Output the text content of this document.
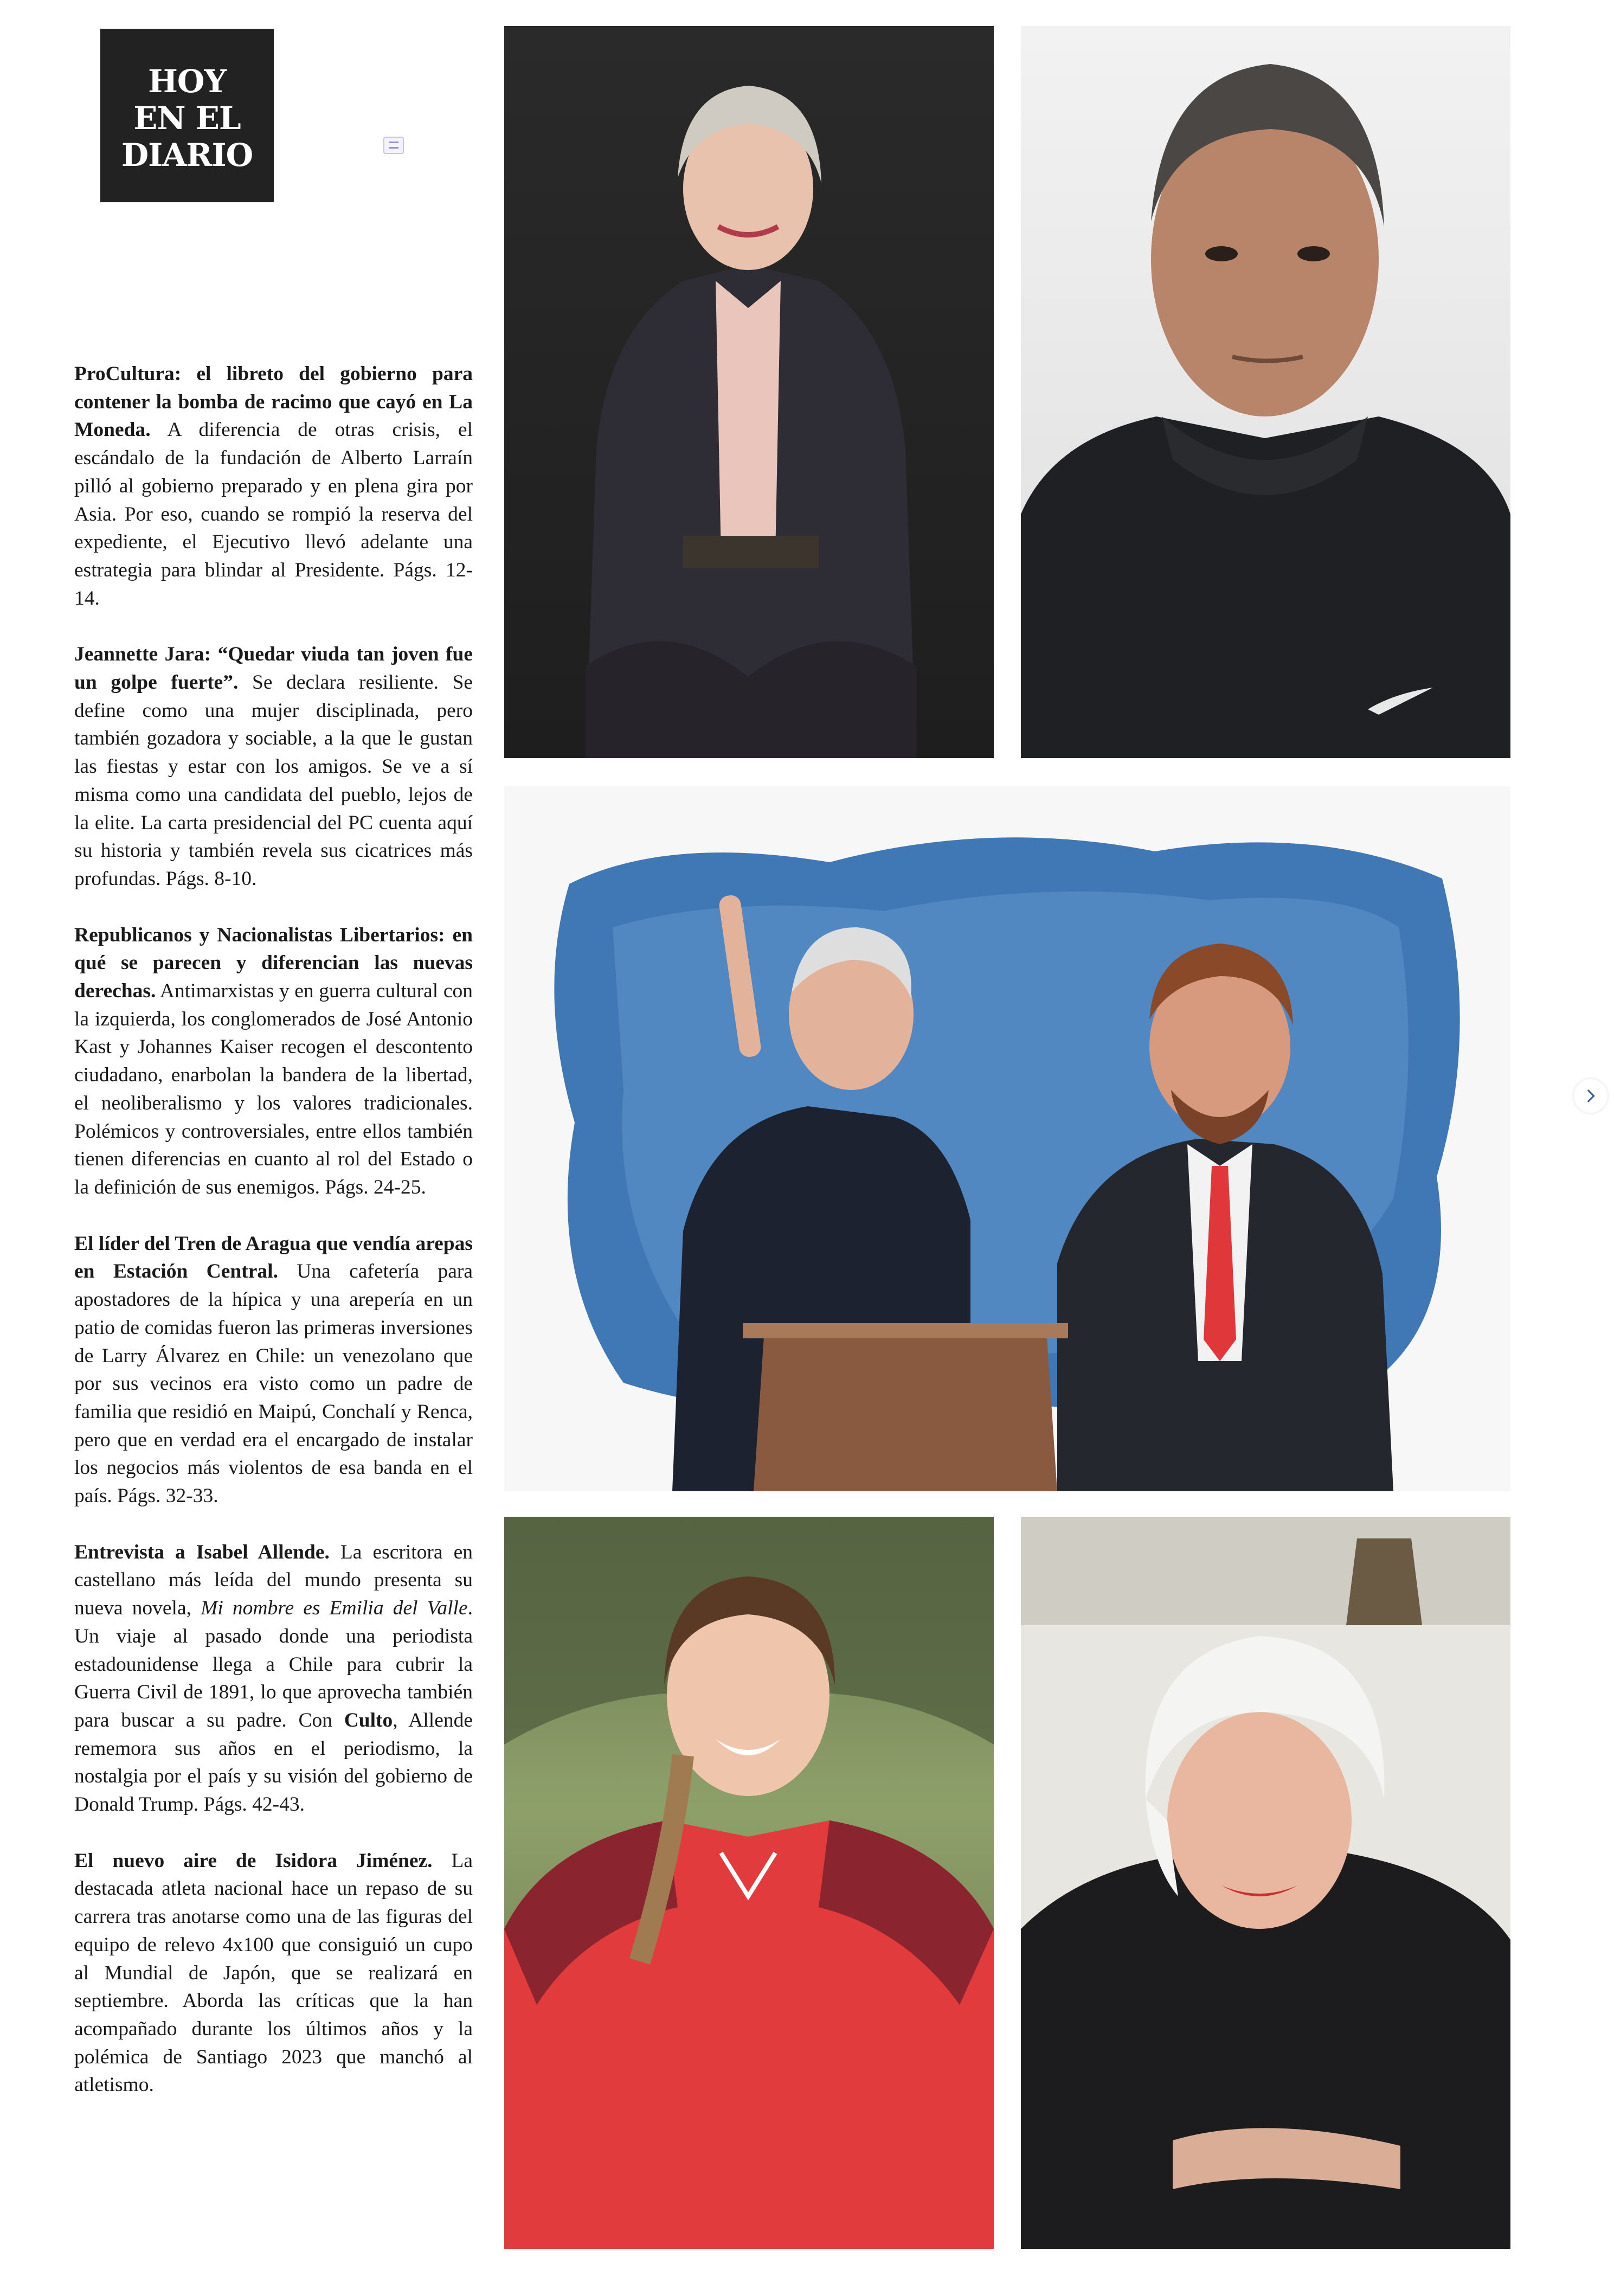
HOY
EN EL
DIARIO

ProCultura: el libreto del gobierno para contener la bomba de racimo que cayó en La Moneda. A diferencia de otras crisis, el escándalo de la fundación de Alberto Larraín pilló al gobierno preparado y en plena gira por Asia. Por eso, cuando se rompió la reserva del expediente, el Ejecutivo llevó adelante una estrategia para blindar al Presidente. Págs. 12-14.

Jeannette Jara: “Quedar viuda tan joven fue un golpe fuerte”. Se declara resiliente. Se define como una mujer disciplinada, pero también gozadora y sociable, a la que le gustan las fiestas y estar con los amigos. Se ve a sí misma como una candidata del pueblo, lejos de la elite. La carta presidencial del PC cuenta aquí su historia y también revela sus cicatrices más profundas. Págs. 8-10.

Republicanos y Nacionalistas Libertarios: en qué se parecen y diferencian las nuevas derechas. Antimarxistas y en guerra cultural con la izquierda, los conglomerados de José Antonio Kast y Johannes Kaiser recogen el descontento ciudadano, enarbolan la bandera de la libertad, el neoliberalismo y los valores tradicionales. Polémicos y controversiales, entre ellos también tienen diferencias en cuanto al rol del Estado o la definición de sus enemigos. Págs. 24-25.

El líder del Tren de Aragua que vendía arepas en Estación Central. Una cafetería para apostadores de la hípica y una arepería en un patio de comidas fueron las primeras inversiones de Larry Álvarez en Chile: un venezolano que por sus vecinos era visto como un padre de familia que residió en Maipú, Conchalí y Renca, pero que en verdad era el encargado de instalar los negocios más violentos de esa banda en el país. Págs. 32-33.

Entrevista a Isabel Allende. La escritora en castellano más leída del mundo presenta su nueva novela, Mi nombre es Emilia del Valle. Un viaje al pasado donde una periodista estadounidense llega a Chile para cubrir la Guerra Civil de 1891, lo que aprovecha también para buscar a su padre. Con Culto, Allende rememora sus años en el periodismo, la nostalgia por el país y su visión del gobierno de Donald Trump. Págs. 42-43.

El nuevo aire de Isidora Jiménez. La destacada atleta nacional hace un repaso de su carrera tras anotarse como una de las figuras del equipo de relevo 4x100 que consiguió un cupo al Mundial de Japón, que se realizará en septiembre. Aborda las críticas que la han acompañado durante los últimos años y la polémica de Santiago 2023 que manchó al atletismo.
